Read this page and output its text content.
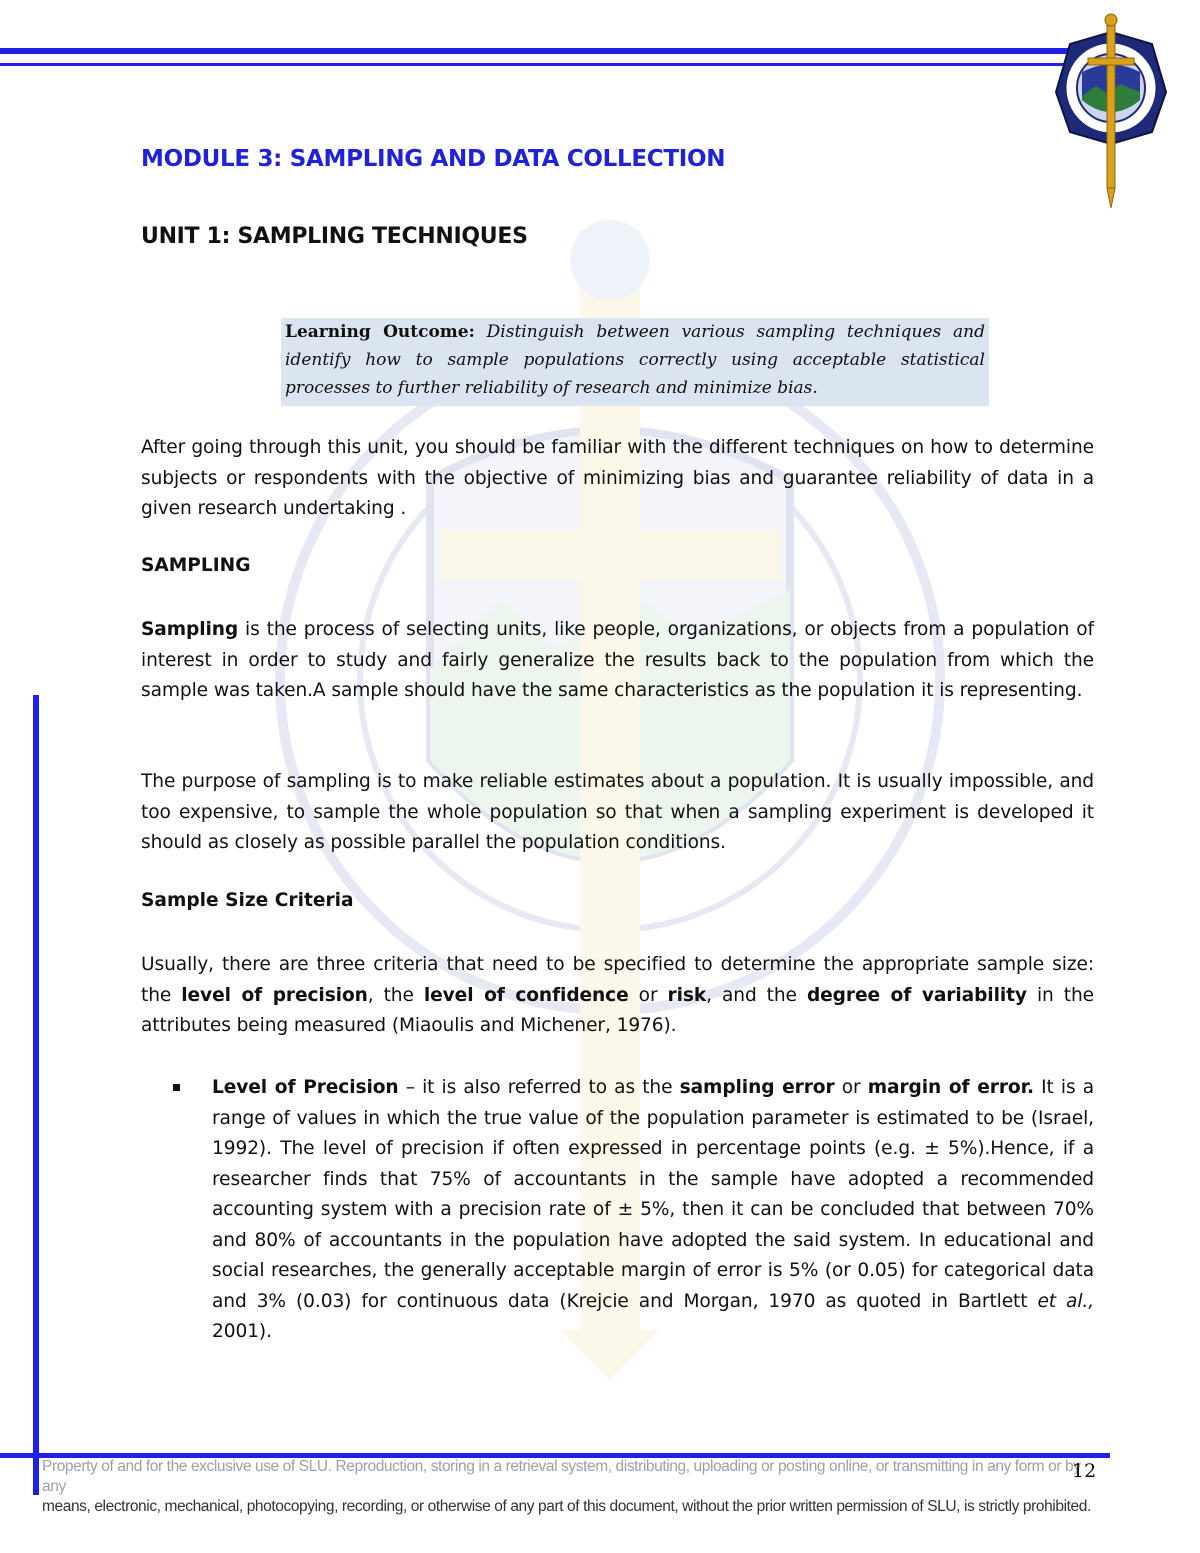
MODULE 3: SAMPLING AND DATA COLLECTION
UNIT 1: SAMPLING TECHNIQUES
Learning Outcome: Distinguish between various sampling techniques and identify how to sample populations correctly using acceptable statistical processes to further reliability of research and minimize bias.

After going through this unit, you should be familiar with the different techniques on how to determine subjects or respondents with the objective of minimizing bias and guarantee reliability of data in a given research undertaking .

SAMPLING

Sampling is the process of selecting units, like people, organizations, or objects from a population of interest in order to study and fairly generalize the results back to the population from which the sample was taken.A sample should have the same characteristics as the population it is representing.

The purpose of sampling is to make reliable estimates about a population. It is usually impossible, and too expensive, to sample the whole population so that when a sampling experiment is developed it should as closely as possible parallel the population conditions.

Sample Size Criteria

Usually, there are three criteria that need to be specified to determine the appropriate sample size: the level of precision, the level of confidence or risk, and the degree of variability in the attributes being measured (Miaoulis and Michener, 1976).

Level of Precision – it is also referred to as the sampling error or margin of error. It is a range of values in which the true value of the population parameter is estimated to be (Israel, 1992). The level of precision if often expressed in percentage points (e.g. ± 5%).Hence, if a researcher finds that 75% of accountants in the sample have adopted a recommended accounting system with a precision rate of ± 5%, then it can be concluded that between 70% and 80% of accountants in the population have adopted the said system. In educational and social researches, the generally acceptable margin of error is 5% (or 0.05) for categorical data and 3% (0.03) for continuous data (Krejcie and Morgan, 1970 as quoted in Bartlett et al., 2001).
Property of and for the exclusive use of SLU. Reproduction, storing in a retrieval system, distributing, uploading or posting online, or transmitting in any form or by any
means, electronic, mechanical, photocopying, recording, or otherwise of any part of this document, without the prior written permission of SLU, is strictly prohibited.
12
